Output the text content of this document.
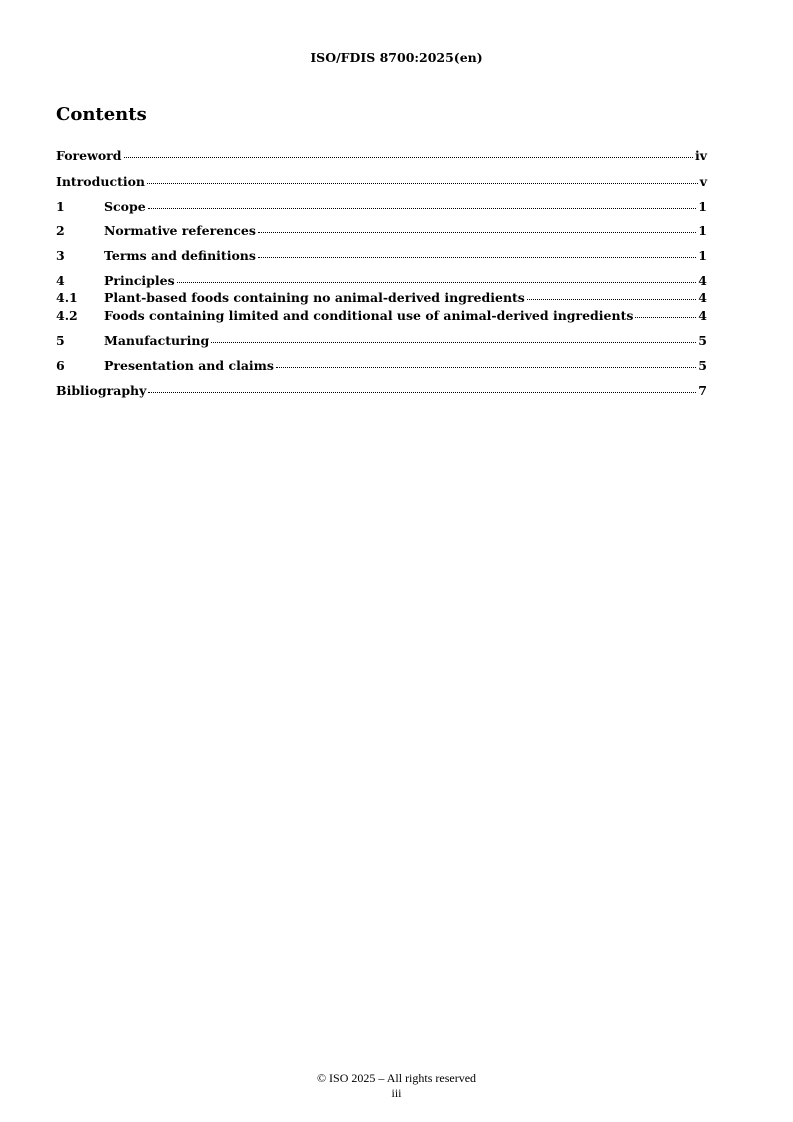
ISO/FDIS 8700:2025(en)
Contents
Foreword	iv
Introduction	v
1	Scope	1
2	Normative references	1
3	Terms and definitions	1
4	Principles	4
4.1	Plant-based foods containing no animal-derived ingredients	4
4.2	Foods containing limited and conditional use of animal-derived ingredients	4
5	Manufacturing	5
6	Presentation and claims	5
Bibliography	7
© ISO 2025 – All rights reserved
iii
